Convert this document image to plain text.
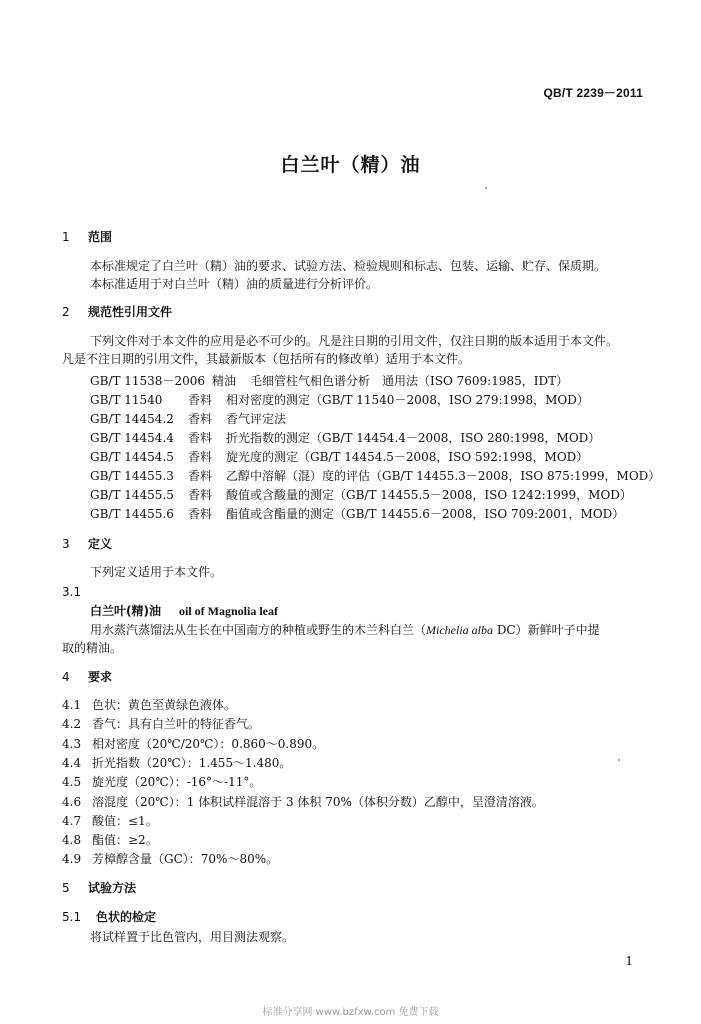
QB/T 2239－2011
白兰叶（精）油
1 范围
本标准规定了白兰叶（精）油的要求、试验方法、检验规则和标志、包装、运输、贮存、保质期。
本标准适用于对白兰叶（精）油的质量进行分析评价。
2 规范性引用文件
下列文件对于本文件的应用是必不可少的。凡是注日期的引用文件，仅注日期的版本适用于本文件。
凡是不注日期的引用文件，其最新版本（包括所有的修改单）适用于本文件。
GB/T 11538－2006 精油 毛细管柱气相色谱分析　通用法（ISO 7609:1985，IDT）
GB/T 11540 香料 相对密度的测定（GB/T 11540－2008，ISO 279:1998，MOD）
GB/T 14454.2 香料 香气评定法
GB/T 14454.4 香料 折光指数的测定（GB/T 14454.4－2008，ISO 280:1998，MOD）
GB/T 14454.5 香料 旋光度的测定（GB/T 14454.5－2008，ISO 592:1998，MOD）
GB/T 14455.3 香料 乙醇中溶解（混）度的评估（GB/T 14455.3－2008，ISO 875:1999，MOD）
GB/T 14455.5 香料 酸值或含酸量的测定（GB/T 14455.5－2008，ISO 1242:1999，MOD）
GB/T 14455.6 香料 酯值或含酯量的测定（GB/T 14455.6－2008，ISO 709:2001，MOD）
3 定义
下列定义适用于本文件。
3.1
白兰叶(精)油 oil of Magnolia leaf
用水蒸汽蒸馏法从生长在中国南方的种植或野生的木兰科白兰（Michelia alba DC）新鲜叶子中提
取的精油。
4 要求
4.1 色状：黄色至黄绿色液体。
4.2 香气：具有白兰叶的特征香气。
4.3 相对密度（20℃/20℃）：0.860～0.890。
4.4 折光指数（20℃）：1.455～1.480。
4.5 旋光度（20℃）：-16°～-11°。
4.6 溶混度（20℃）：1 体积试样混溶于 3 体积 70%（体积分数）乙醇中，呈澄清溶液。
4.7 酸值：≤1。
4.8 酯值：≥2。
4.9 芳樟醇含量（GC）：70%～80%。
5 试验方法
5.1 色状的检定
将试样置于比色管内，用目测法观察。
1
标准分享网 www.bzfxw.com 免费下载
